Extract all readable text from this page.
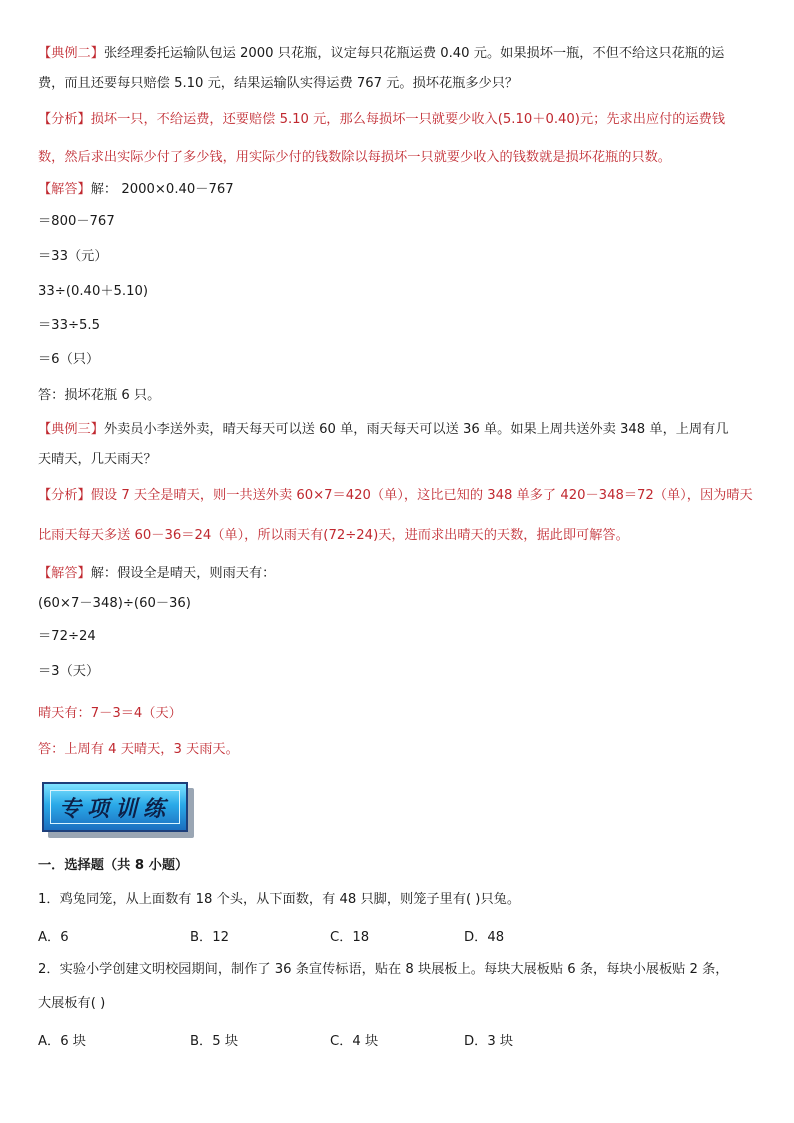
【典例二】张经理委托运输队包运 2000 只花瓶，议定每只花瓶运费 0.40 元。如果损坏一瓶，不但不给这只花瓶的运
费，而且还要每只赔偿 5.10 元，结果运输队实得运费 767 元。损坏花瓶多少只？
【分析】损坏一只，不给运费，还要赔偿 5.10 元，那么每损坏一只就要少收入(5.10＋0.40)元；先求出应付的运费钱
数，然后求出实际少付了多少钱，用实际少付的钱数除以每损坏一只就要少收入的钱数就是损坏花瓶的只数。
【解答】解： 2000×0.40－767
＝800－767
＝33（元）
33÷(0.40＋5.10)
＝33÷5.5
＝6（只）
答：损坏花瓶 6 只。
【典例三】外卖员小李送外卖，晴天每天可以送 60 单，雨天每天可以送 36 单。如果上周共送外卖 348 单，上周有几
天晴天，几天雨天？
【分析】假设 7 天全是晴天，则一共送外卖 60×7＝420（单），这比已知的 348 单多了 420－348＝72（单），因为晴天
比雨天每天多送 60－36＝24（单），所以雨天有(72÷24)天，进而求出晴天的天数，据此即可解答。
【解答】解：假设全是晴天，则雨天有：
(60×7－348)÷(60－36)
＝72÷24
＝3（天）
晴天有：7－3＝4（天）
答：上周有 4 天晴天，3 天雨天。
专项训练
一．选择题（共 8 小题）
1．鸡兔同笼，从上面数有 18 个头，从下面数，有 48 只脚，则笼子里有( )只兔。
A．6	B．12	C．18	D．48
2．实验小学创建文明校园期间，制作了 36 条宣传标语，贴在 8 块展板上。每块大展板贴 6 条，每块小展板贴 2 条，
大展板有( )
A．6 块	B．5 块	C．4 块	D．3 块
